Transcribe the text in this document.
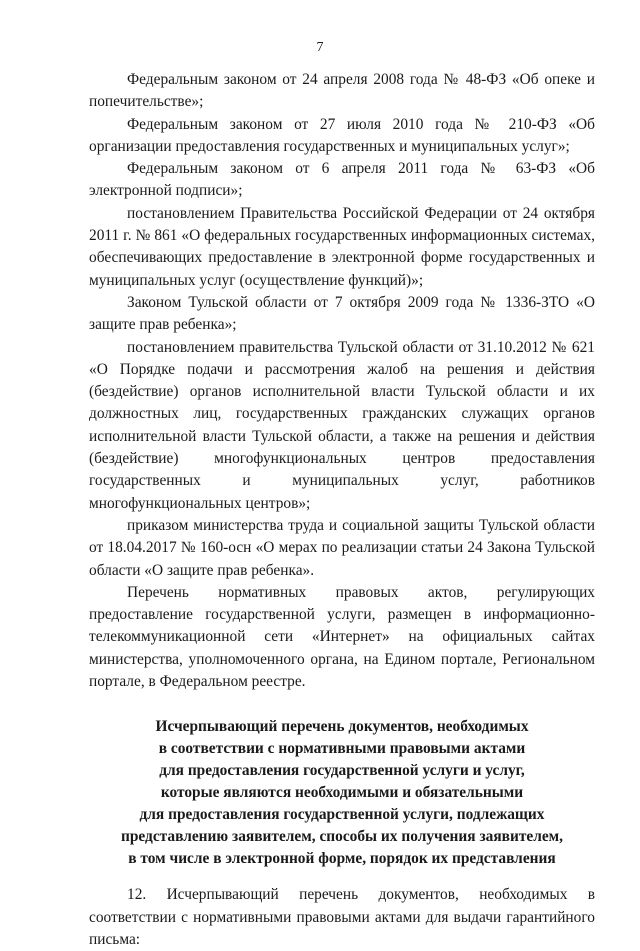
7

Федеральным законом от 24 апреля 2008 года № 48-ФЗ «Об опеке и попечительстве»;

Федеральным законом от 27 июля 2010 года № 210-ФЗ «Об организации предоставления государственных и муниципальных услуг»;

Федеральным законом от 6 апреля 2011 года № 63-ФЗ «Об электронной подписи»;

постановлением Правительства Российской Федерации от 24 октября 2011 г. № 861 «О федеральных государственных информационных системах, обеспечивающих предоставление в электронной форме государственных и муниципальных услуг (осуществление функций)»;

Законом Тульской области от 7 октября 2009 года № 1336-ЗТО «О защите прав ребенка»;

постановлением правительства Тульской области от 31.10.2012 № 621 «О Порядке подачи и рассмотрения жалоб на решения и действия (бездействие) органов исполнительной власти Тульской области и их должностных лиц, государственных гражданских служащих органов исполнительной власти Тульской области, а также на решения и действия (бездействие) многофункциональных центров предоставления государственных и муниципальных услуг, работников многофункциональных центров»;

приказом министерства труда и социальной защиты Тульской области от 18.04.2017 № 160-осн «О мерах по реализации статьи 24 Закона Тульской области «О защите прав ребенка».

Перечень нормативных правовых актов, регулирующих предоставление государственной услуги, размещен в информационно-телекоммуникационной сети «Интернет» на официальных сайтах министерства, уполномоченного органа, на Едином портале, Региональном портале, в Федеральном реестре.

Исчерпывающий перечень документов, необходимых
в соответствии с нормативными правовыми актами
для предоставления государственной услуги и услуг,
которые являются необходимыми и обязательными
для предоставления государственной услуги, подлежащих
представлению заявителем, способы их получения заявителем,
в том числе в электронной форме, порядок их представления

12. Исчерпывающий перечень документов, необходимых в соответствии с нормативными правовыми актами для выдачи гарантийного письма:
